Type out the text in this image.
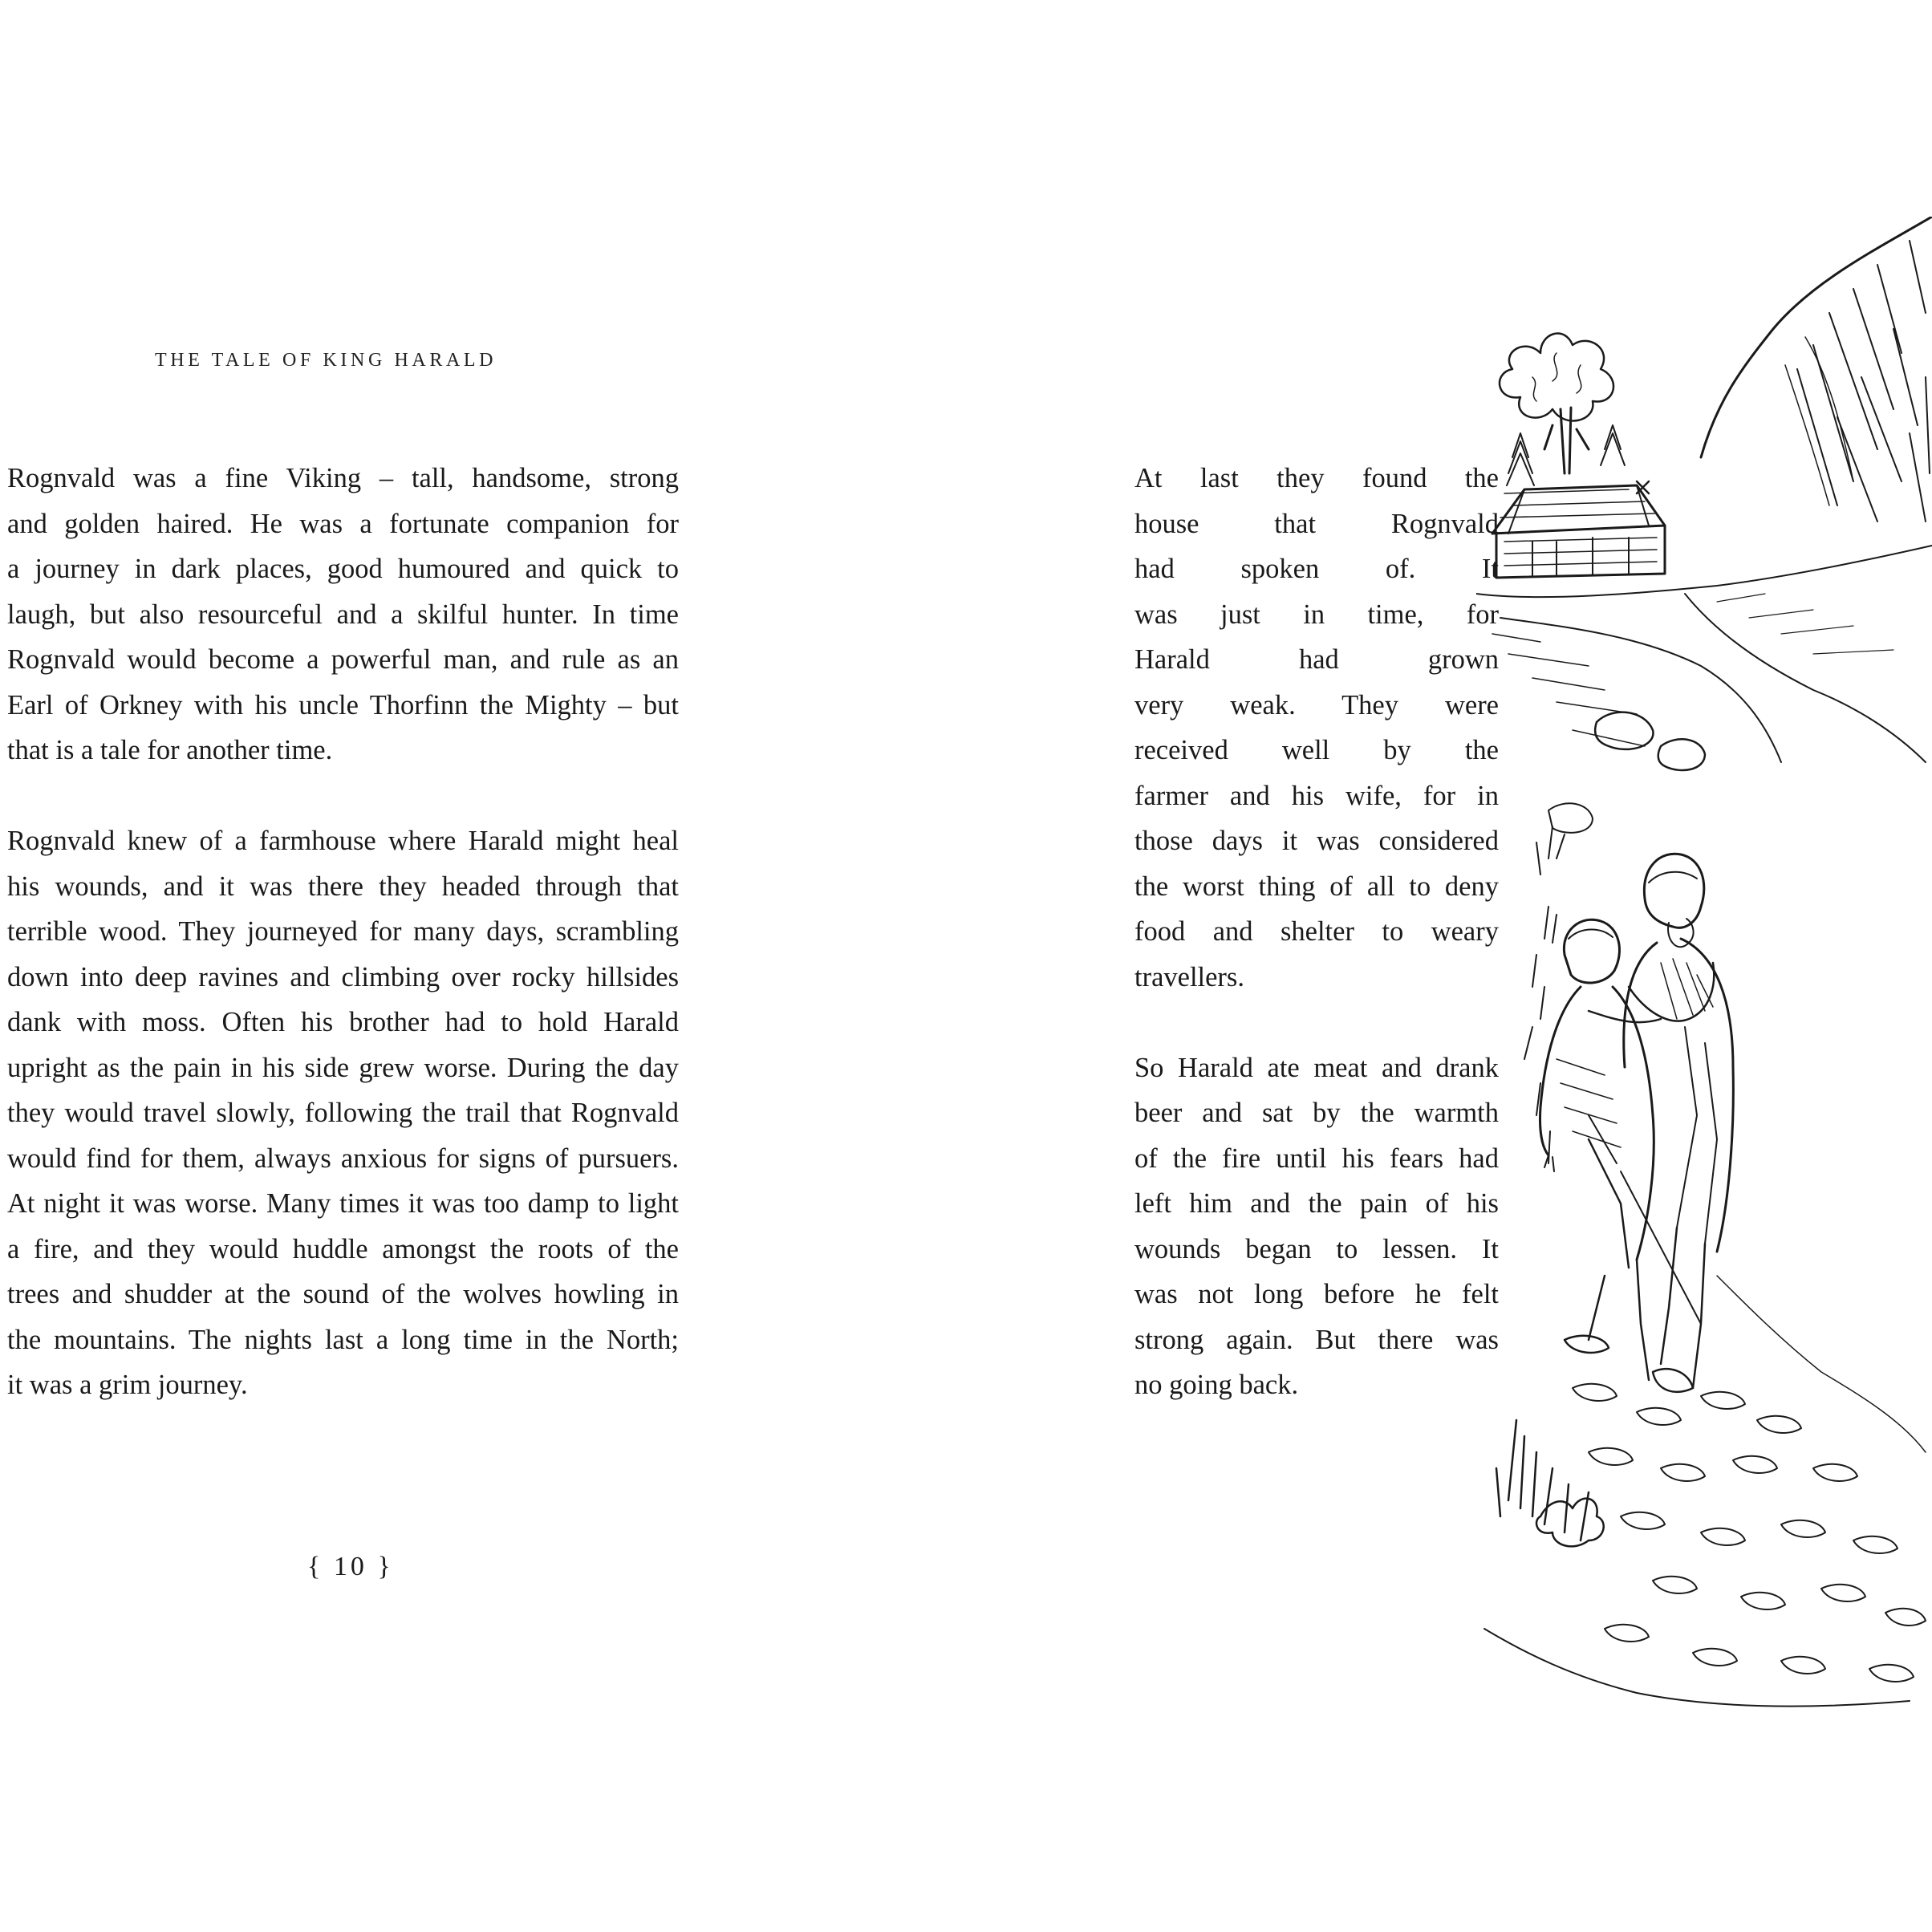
THE TALE OF KING HARALD
Rognvald was a fine Viking – tall, handsome, strong
and golden haired. He was a fortunate companion for
a journey in dark places, good humoured and quick to
laugh, but also resourceful and a skilful hunter. In time
Rognvald would become a powerful man, and rule as an
Earl of Orkney with his uncle Thorfinn the Mighty – but
that is a tale for another time.
Rognvald knew of a farmhouse where Harald might heal
his wounds, and it was there they headed through that
terrible wood. They journeyed for many days, scrambling
down into deep ravines and climbing over rocky hillsides
dank with moss. Often his brother had to hold Harald
upright as the pain in his side grew worse. During the day
they would travel slowly, following the trail that Rognvald
would find for them, always anxious for signs of pursuers.
At night it was worse. Many times it was too damp to light
a fire, and they would huddle amongst the roots of the
trees and shudder at the sound of the wolves howling in
the mountains. The nights last a long time in the North;
it was a grim journey.
{ 10 }
At last they found the
house that Rognvald
had spoken of. It
was just in time, for
Harald had grown
very weak. They were
received well by the
farmer and his wife, for in
those days it was considered
the worst thing of all to deny
food and shelter to weary
travellers.
So Harald ate meat and drank
beer and sat by the warmth
of the fire until his fears had
left him and the pain of his
wounds began to lessen. It
was not long before he felt
strong again. But there was
no going back.
